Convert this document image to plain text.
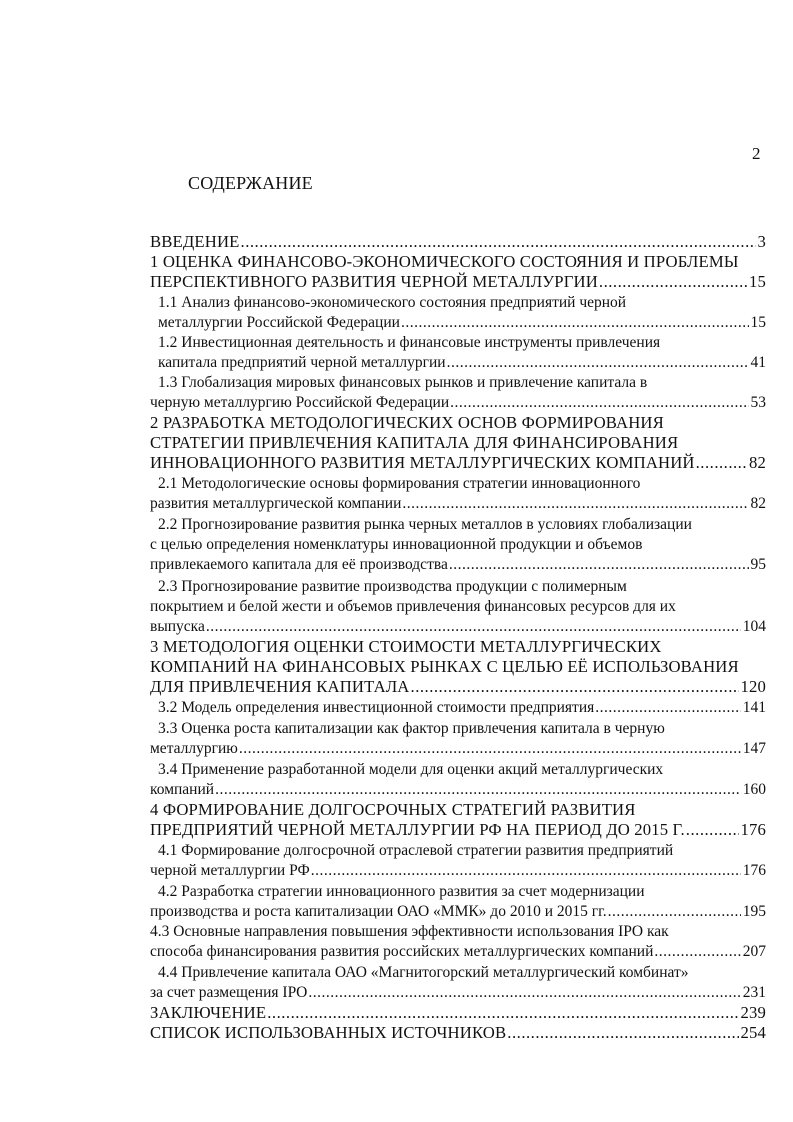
2
СОДЕРЖАНИЕ
ВВЕДЕНИЕ .....	3
1 ОЦЕНКА ФИНАНСОВО-ЭКОНОМИЧЕСКОГО СОСТОЯНИЯ И ПРОБЛЕМЫ
ПЕРСПЕКТИВНОГО РАЗВИТИЯ ЧЕРНОЙ МЕТАЛЛУРГИИ .....	15
1.1 Анализ финансово-экономического состояния предприятий черной
металлургии Российской Федерации .....	15
1.2 Инвестиционная деятельность и финансовые инструменты привлечения
капитала предприятий черной металлургии .....	41
1.3 Глобализация мировых финансовых рынков и привлечение капитала в
черную металлургию Российской Федерации .....	53
2 РАЗРАБОТКА МЕТОДОЛОГИЧЕСКИХ ОСНОВ ФОРМИРОВАНИЯ
СТРАТЕГИИ ПРИВЛЕЧЕНИЯ КАПИТАЛА ДЛЯ ФИНАНСИРОВАНИЯ
ИННОВАЦИОННОГО РАЗВИТИЯ МЕТАЛЛУРГИЧЕСКИХ КОМПАНИЙ .....	82
2.1 Методологические основы формирования стратегии инновационного
развития металлургической компании .....	82
2.2 Прогнозирование развития рынка черных металлов в условиях глобализации
с целью определения номенклатуры инновационной продукции и объемов
привлекаемого капитала для её производства .....	95
2.3 Прогнозирование развитие производства продукции с полимерным
покрытием и белой жести и объемов привлечения финансовых ресурсов для их
выпуска .....	104
3 МЕТОДОЛОГИЯ ОЦЕНКИ СТОИМОСТИ МЕТАЛЛУРГИЧЕСКИХ
КОМПАНИЙ НА ФИНАНСОВЫХ РЫНКАХ С ЦЕЛЬЮ ЕЁ ИСПОЛЬЗОВАНИЯ
ДЛЯ ПРИВЛЕЧЕНИЯ КАПИТАЛА .....	120
3.2 Модель определения инвестиционной стоимости предприятия .....	141
3.3 Оценка роста капитализации как фактор привлечения капитала в черную
металлургию .....	147
3.4 Применение разработанной модели для оценки акций металлургических
компаний .....	160
4 ФОРМИРОВАНИЕ ДОЛГОСРОЧНЫХ СТРАТЕГИЙ РАЗВИТИЯ
ПРЕДПРИЯТИЙ ЧЕРНОЙ МЕТАЛЛУРГИИ РФ НА ПЕРИОД ДО 2015 Г. .....	176
4.1 Формирование долгосрочной отраслевой стратегии развития предприятий
черной металлургии РФ .....	176
4.2 Разработка стратегии инновационного развития за счет модернизации
производства и роста капитализации ОАО «ММК» до 2010 и 2015 гг. .....	195
4.3 Основные направления повышения эффективности использования IPO как
способа финансирования развития российских металлургических компаний .....	207
4.4 Привлечение капитала ОАО «Магнитогорский металлургический комбинат»
за счет размещения IPO .....	231
ЗАКЛЮЧЕНИЕ .....	239
СПИСОК ИСПОЛЬЗОВАННЫХ ИСТОЧНИКОВ .....	254
